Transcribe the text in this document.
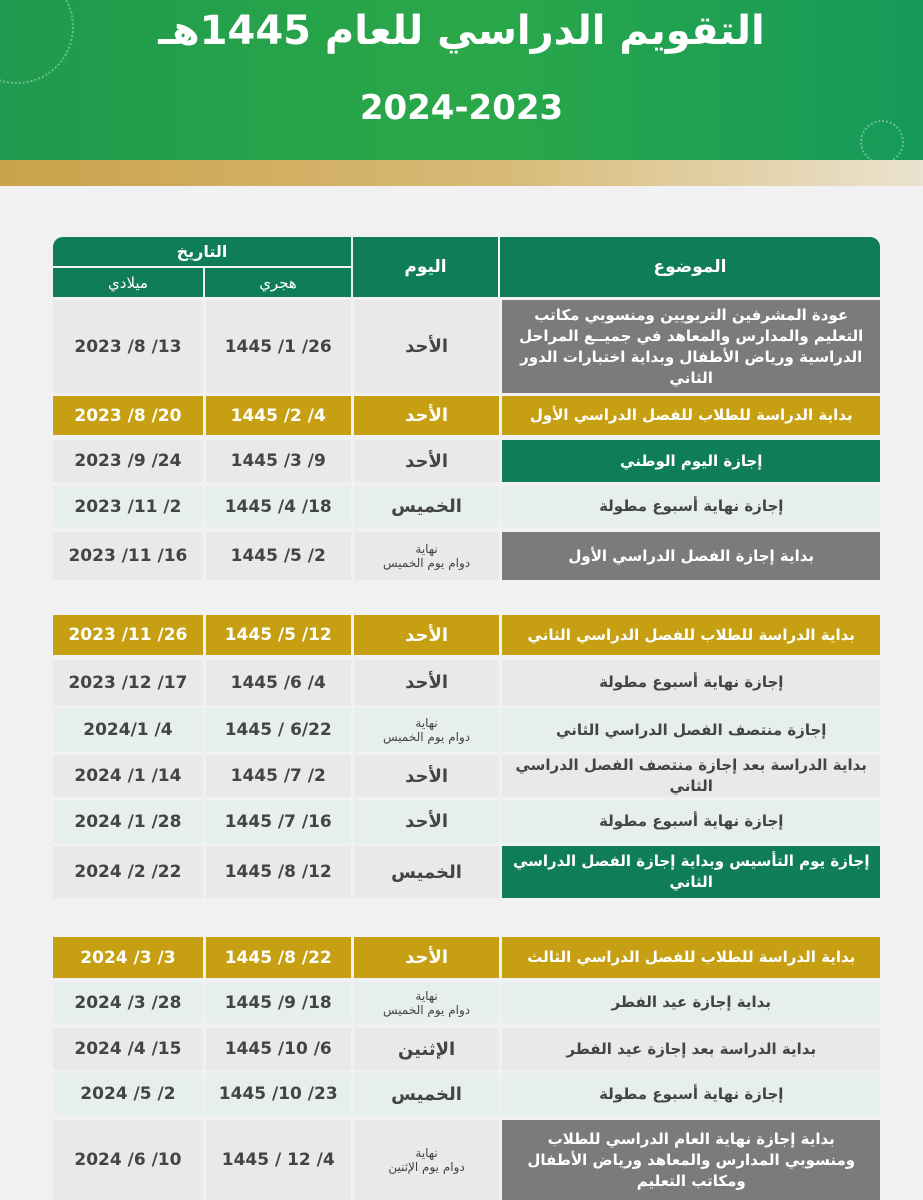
التقويم الدراسي للعام 1445هـ
2024-2023
الموضوع
اليوم
التاريخ
هجري
ميلادي
عودة المشرفين التربويين ومنسوبي مكاتب التعليم والمدارس والمعاهد في جميــع المراحل الدراسية ورياض الأطفال وبداية اختبارات الدور الثاني
الأحد
1445 /1 /26
2023 /8 /13
بداية الدراسة للطلاب للفصل الدراسي الأول
الأحد
1445 /2 /4
2023 /8 /20
إجازة اليوم الوطني
الأحد
1445 /3 /9
2023 /9 /24
إجازة نهاية أسبوع مطولة
الخميس
1445 /4 /18
2023 /11 /2
بداية إجازة الفصل الدراسي الأول
نهاية
دوام يوم الخميس
1445 /5 /2
2023 /11 /16
بداية الدراسة للطلاب للفصل الدراسي الثاني
الأحد
1445 /5 /12
2023 /11 /26
إجازة نهاية أسبوع مطولة
الأحد
1445 /6 /4
2023 /12 /17
إجازة منتصف الفصل الدراسي الثاني
نهاية
دوام يوم الخميس
1445 / 6/22
2024/1 /4
بداية الدراسة بعد إجازة منتصف الفصل الدراسي الثاني
الأحد
1445 /7 /2
2024 /1 /14
إجازة نهاية أسبوع مطولة
الأحد
1445 /7 /16
2024 /1 /28
إجازة يوم التأسيس وبداية إجازة الفصل الدراسي الثاني
الخميس
1445 /8 /12
2024 /2 /22
بداية الدراسة للطلاب للفصل الدراسي الثالث
الأحد
1445 /8 /22
2024 /3 /3
بداية إجازة عيد الفطر
نهاية
دوام يوم الخميس
1445 /9 /18
2024 /3 /28
بداية الدراسة بعد إجازة عيد الفطر
الإثنين
1445 /10 /6
2024 /4 /15
إجازة نهاية أسبوع مطولة
الخميس
1445 /10 /23
2024 /5 /2
بداية إجازة نهاية العام الدراسي للطلاب ومنسوبي المدارس والمعاهد ورياض الأطفال ومكاتب التعليم
نهاية
دوام يوم الإثنين
1445 / 12 /4
2024 /6 /10
